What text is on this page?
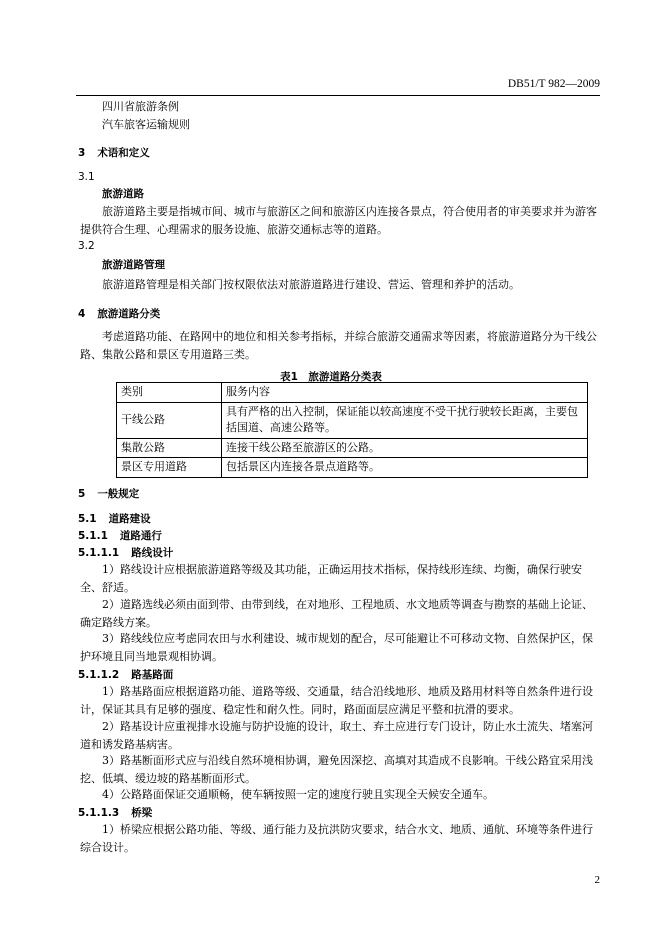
DB51/T 982—2009
四川省旅游条例
汽车旅客运输规则
3 术语和定义
3.1
旅游道路
旅游道路主要是指城市间、城市与旅游区之间和旅游区内连接各景点，符合使用者的审美要求并为游客提供符合生理、心理需求的服务设施、旅游交通标志等的道路。
3.2
旅游道路管理
旅游道路管理是相关部门按权限依法对旅游道路进行建设、营运、管理和养护的活动。
4 旅游道路分类
考虑道路功能、在路网中的地位和相关参考指标，并综合旅游交通需求等因素，将旅游道路分为干线公路、集散公路和景区专用道路三类。
表1　旅游道路分类表
类别	服务内容
干线公路	具有严格的出入控制，保证能以较高速度不受干扰行驶较长距离，主要包括国道、高速公路等。
集散公路	连接干线公路至旅游区的公路。
景区专用道路	包括景区内连接各景点道路等。
5 一般规定
5.1 道路建设
5.1.1 道路通行
5.1.1.1 路线设计
1）路线设计应根据旅游道路等级及其功能，正确运用技术指标，保持线形连续、均衡，确保行驶安全、舒适。
2）道路选线必须由面到带、由带到线，在对地形、工程地质、水文地质等调查与勘察的基础上论证、确定路线方案。
3）路线线位应考虑同农田与水利建设、城市规划的配合，尽可能避让不可移动文物、自然保护区，保护环境且同当地景观相协调。
5.1.1.2 路基路面
1）路基路面应根据道路功能、道路等级、交通量，结合沿线地形、地质及路用材料等自然条件进行设计，保证其具有足够的强度、稳定性和耐久性。同时，路面面层应满足平整和抗滑的要求。
2）路基设计应重视排水设施与防护设施的设计，取土、弃土应进行专门设计，防止水土流失、堵塞河道和诱发路基病害。
3）路基断面形式应与沿线自然环境相协调，避免因深挖、高填对其造成不良影响。干线公路宜采用浅挖、低填、缓边坡的路基断面形式。
4）公路路面保证交通顺畅，使车辆按照一定的速度行驶且实现全天候安全通车。
5.1.1.3 桥梁
1）桥梁应根据公路功能、等级、通行能力及抗洪防灾要求，结合水文、地质、通航、环境等条件进行综合设计。
2
